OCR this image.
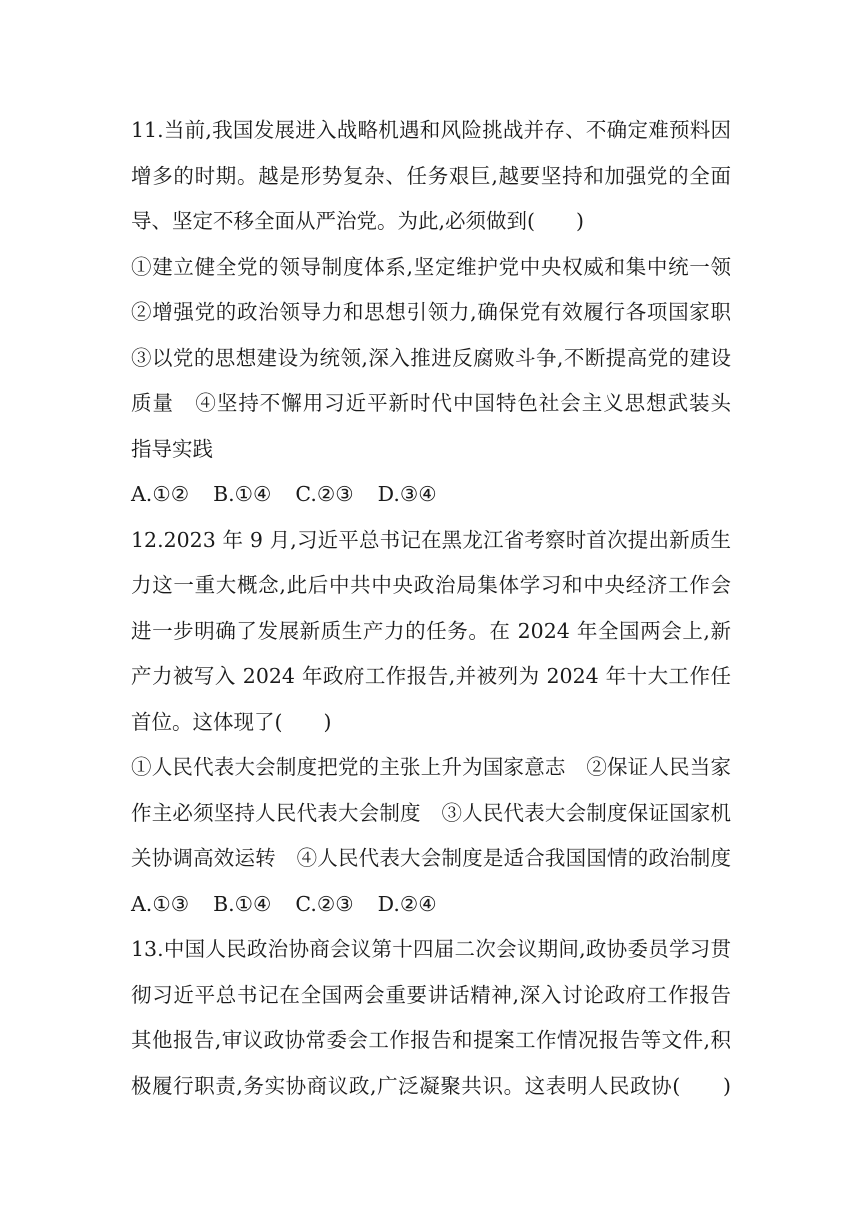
11.当前,我国发展进入战略机遇和风险挑战并存、不确定难预料因
增多的时期。越是形势复杂、任务艰巨,越要坚持和加强党的全面
导、坚定不移全面从严治党。为此,必须做到(　　)
①建立健全党的领导制度体系,坚定维护党中央权威和集中统一领
②增强党的政治领导力和思想引领力,确保党有效履行各项国家职
③以党的思想建设为统领,深入推进反腐败斗争,不断提高党的建设
质量　④坚持不懈用习近平新时代中国特色社会主义思想武装头
指导实践
A.①② B.①④ C.②③ D.③④
12.2023 年 9 月,习近平总书记在黑龙江省考察时首次提出新质生
力这一重大概念,此后中共中央政治局集体学习和中央经济工作会
进一步明确了发展新质生产力的任务。在 2024 年全国两会上,新
产力被写入 2024 年政府工作报告,并被列为 2024 年十大工作任
首位。这体现了(　　)
①人民代表大会制度把党的主张上升为国家意志　②保证人民当家
作主必须坚持人民代表大会制度　③人民代表大会制度保证国家机
关协调高效运转　④人民代表大会制度是适合我国国情的政治制度
A.①③ B.①④ C.②③ D.②④
13.中国人民政治协商会议第十四届二次会议期间,政协委员学习贯
彻习近平总书记在全国两会重要讲话精神,深入讨论政府工作报告
其他报告,审议政协常委会工作报告和提案工作情况报告等文件,积
极履行职责,务实协商议政,广泛凝聚共识。这表明人民政协(　　)
